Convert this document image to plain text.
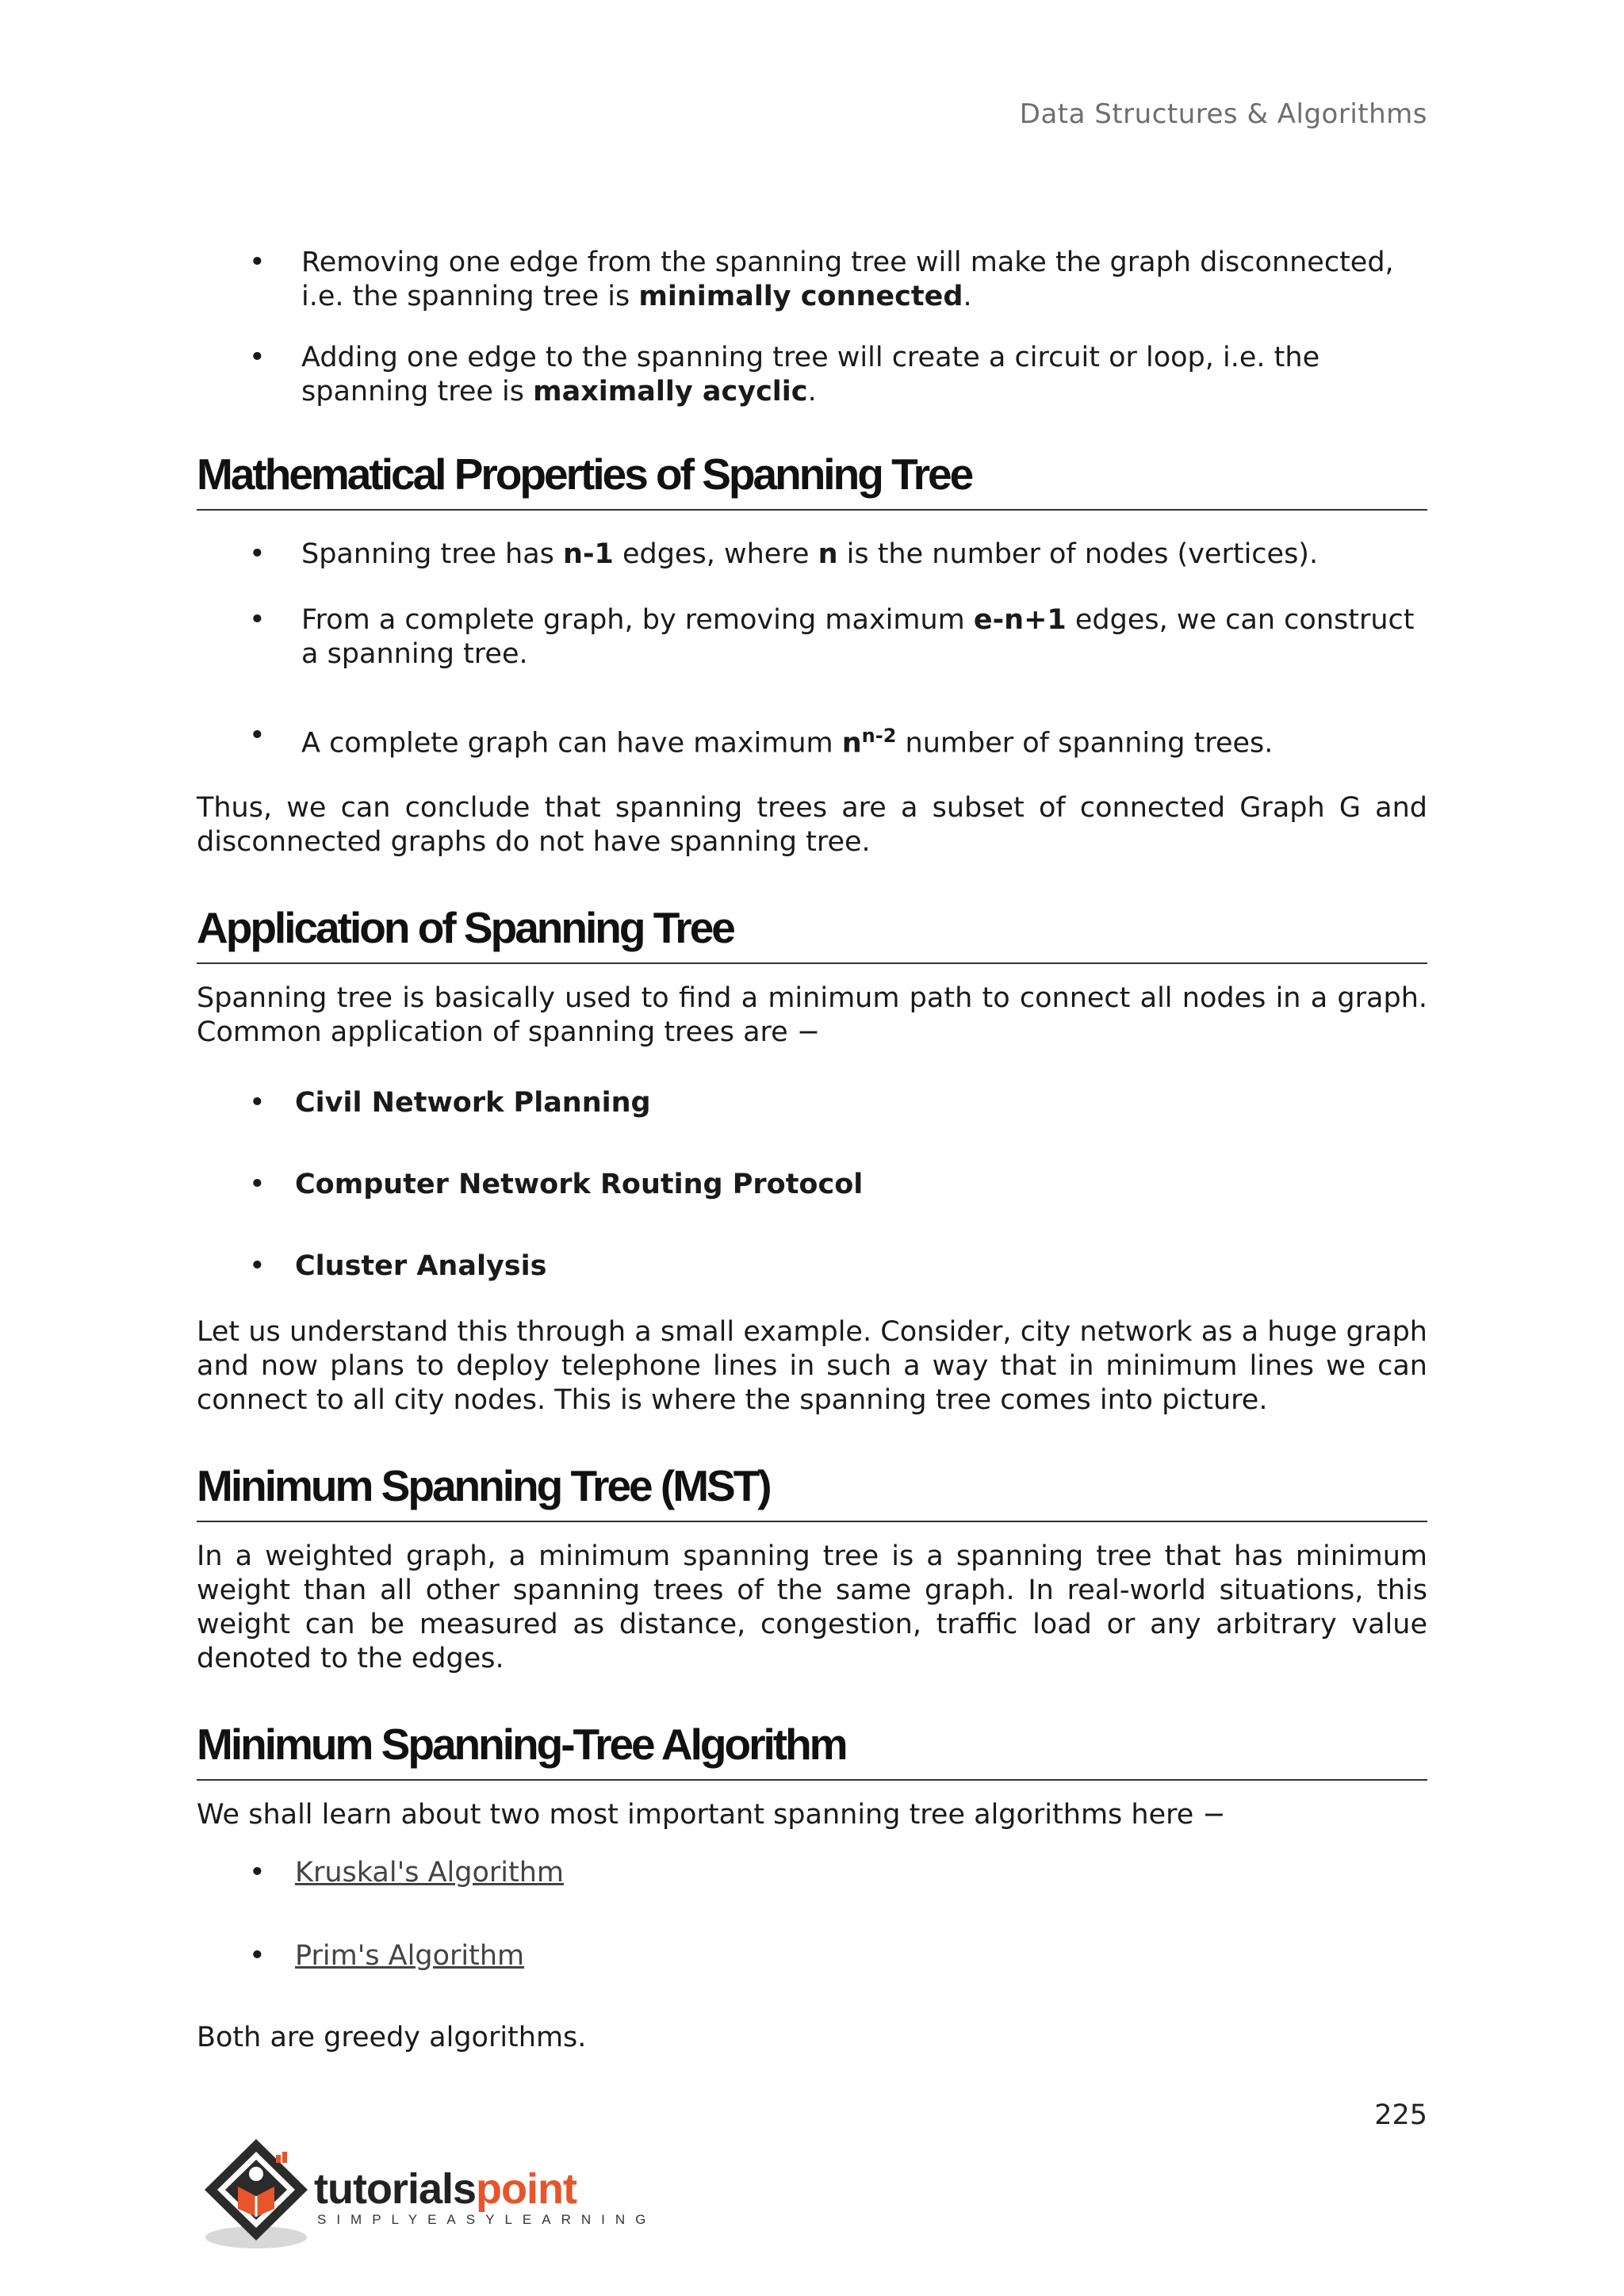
Data Structures & Algorithms
• Removing one edge from the spanning tree will make the graph disconnected, i.e. the spanning tree is minimally connected.
• Adding one edge to the spanning tree will create a circuit or loop, i.e. the spanning tree is maximally acyclic.
Mathematical Properties of Spanning Tree
• Spanning tree has n-1 edges, where n is the number of nodes (vertices).
• From a complete graph, by removing maximum e-n+1 edges, we can construct a spanning tree.
• A complete graph can have maximum $n^{n-2}$ number of spanning trees.

Thus, we can conclude that spanning trees are a subset of connected Graph G and disconnected graphs do not have spanning tree.

Application of Spanning Tree

Spanning tree is basically used to find a minimum path to connect all nodes in a graph. Common application of spanning trees are −

• Civil Network Planning
• Computer Network Routing Protocol
• Cluster Analysis

Let us understand this through a small example. Consider, city network as a huge graph and now plans to deploy telephone lines in such a way that in minimum lines we can connect to all city nodes. This is where the spanning tree comes into picture.

Minimum Spanning Tree (MST)

In a weighted graph, a minimum spanning tree is a spanning tree that has minimum weight than all other spanning trees of the same graph. In real-world situations, this weight can be measured as distance, congestion, traffic load or any arbitrary value denoted to the edges.

Minimum Spanning-Tree Algorithm

We shall learn about two most important spanning tree algorithms here −

• Kruskal's Algorithm
• Prim's Algorithm

Both are greedy algorithms.

225
tutorialspoint
SIMPLYEASYLEARNING
